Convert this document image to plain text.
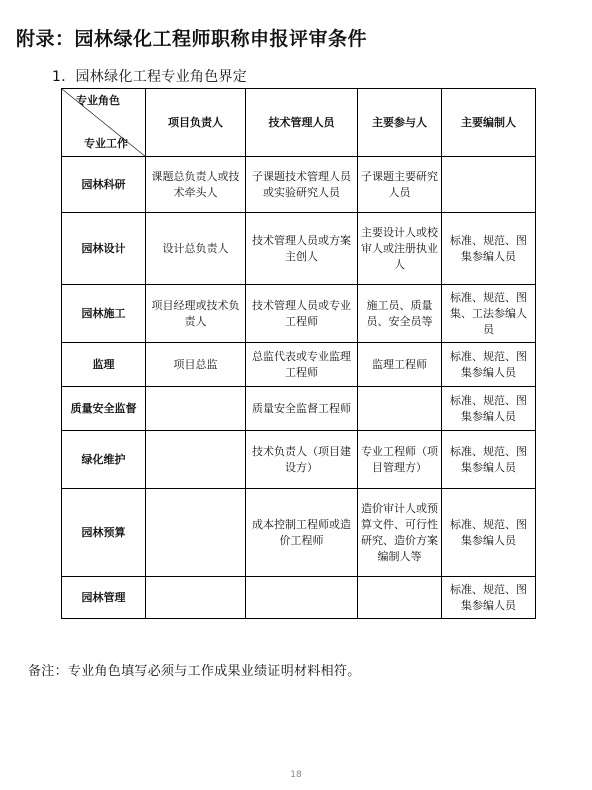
附录：园林绿化工程师职称申报评审条件
1．园林绿化工程专业角色界定
专业角色
专业工作	项目负责人	技术管理人员	主要参与人	主要编制人
园林科研	课题总负责人或技术牵头人	子课题技术管理人员或实验研究人员	子课题主要研究人员	
园林设计	设计总负责人	技术管理人员或方案主创人	主要设计人或校审人或注册执业人	标准、规范、图集参编人员
园林施工	项目经理或技术负责人	技术管理人员或专业工程师	施工员、质量员、安全员等	标准、规范、图集、工法参编人员
监理	项目总监	总监代表或专业监理工程师	监理工程师	标准、规范、图集参编人员
质量安全监督		质量安全监督工程师		标准、规范、图集参编人员
绿化维护		技术负责人（项目建设方）	专业工程师（项目管理方）	标准、规范、图集参编人员
园林预算		成本控制工程师或造价工程师	造价审计人或预算文件、可行性研究、造价方案编制人等	标准、规范、图集参编人员
园林管理				标准、规范、图集参编人员
备注：专业角色填写必须与工作成果业绩证明材料相符。
18
